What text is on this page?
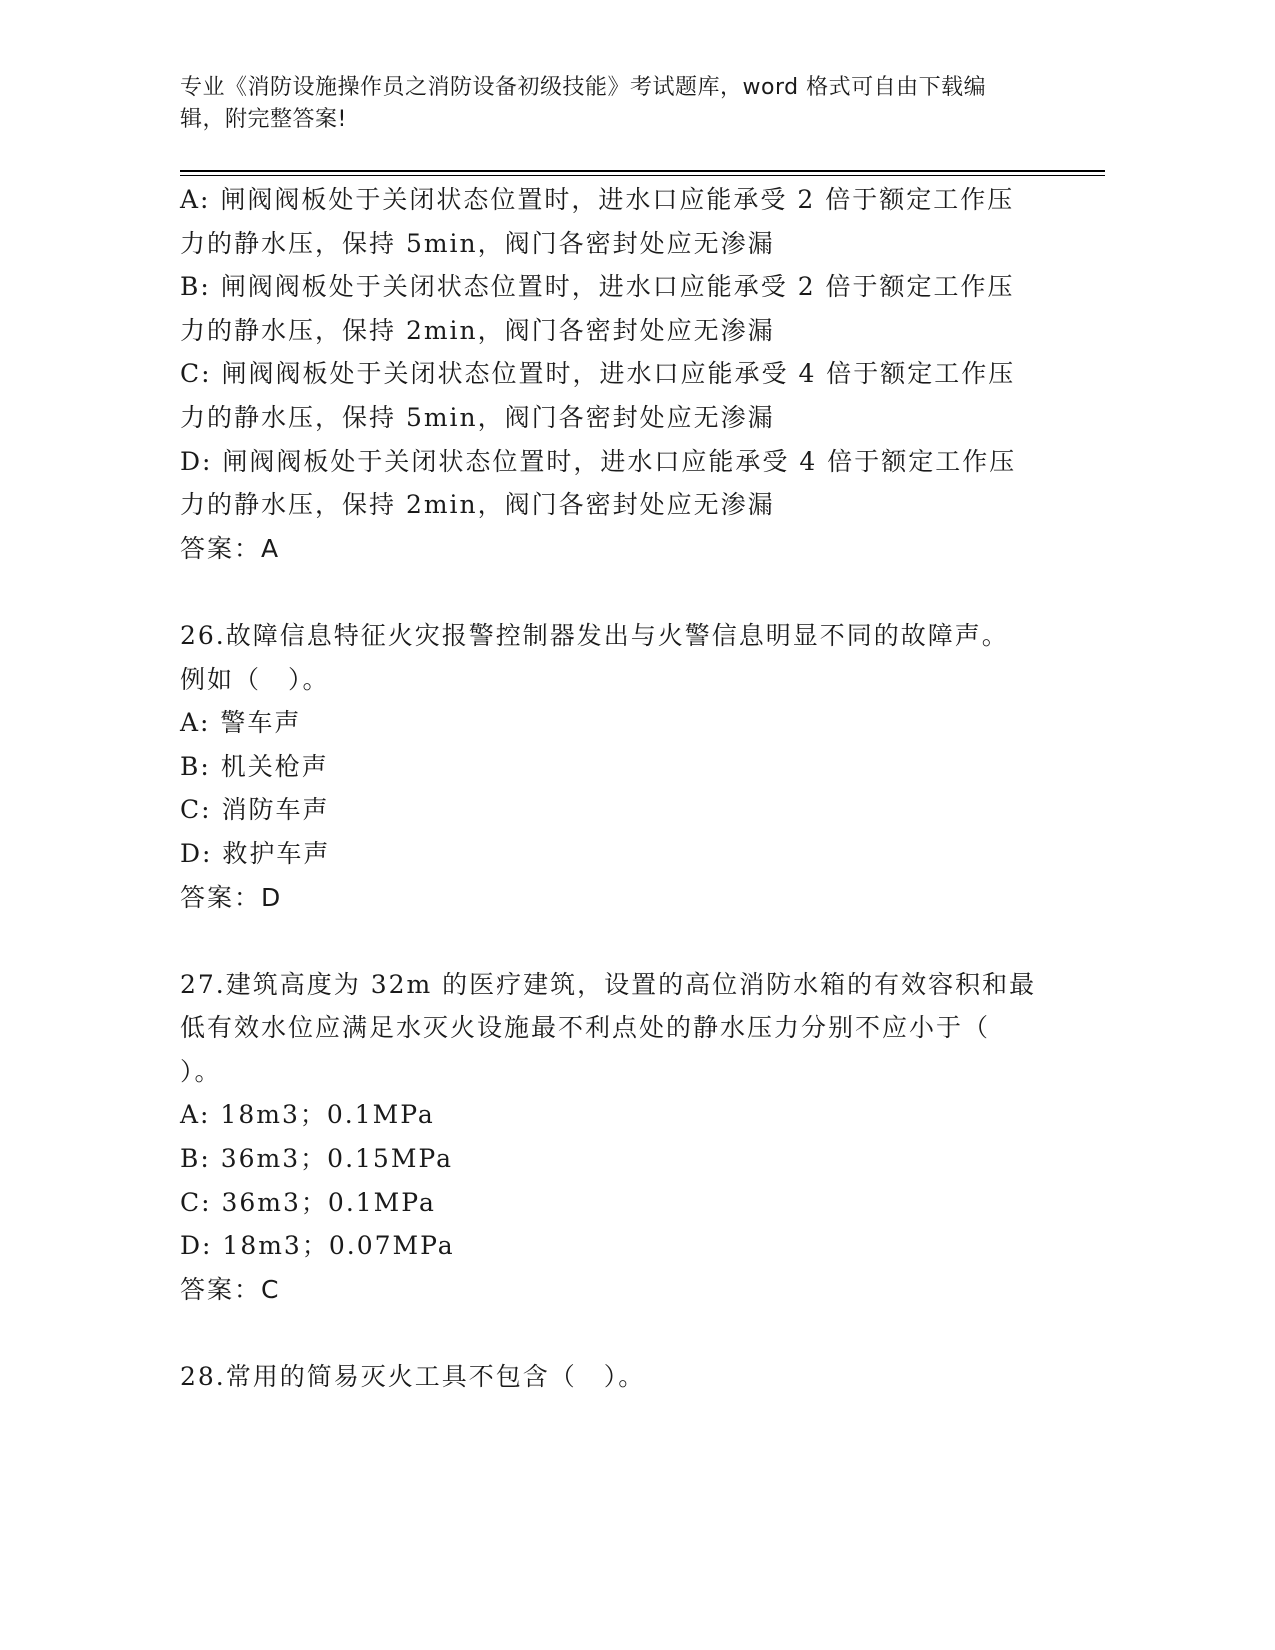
专业《消防设施操作员之消防设备初级技能》考试题库，word 格式可自由下载编
辑，附完整答案!
A: 闸阀阀板处于关闭状态位置时，进水口应能承受 2 倍于额定工作压
力的静水压，保持 5min，阀门各密封处应无渗漏
B: 闸阀阀板处于关闭状态位置时，进水口应能承受 2 倍于额定工作压
力的静水压，保持 2min，阀门各密封处应无渗漏
C: 闸阀阀板处于关闭状态位置时，进水口应能承受 4 倍于额定工作压
力的静水压，保持 5min，阀门各密封处应无渗漏
D: 闸阀阀板处于关闭状态位置时，进水口应能承受 4 倍于额定工作压
力的静水压，保持 2min，阀门各密封处应无渗漏
答案：A
26.故障信息特征火灾报警控制器发出与火警信息明显不同的故障声。
例如（　）。
A: 警车声
B: 机关枪声
C: 消防车声
D: 救护车声
答案：D
27.建筑高度为 32m 的医疗建筑，设置的高位消防水箱的有效容积和最
低有效水位应满足水灭火设施最不利点处的静水压力分别不应小于（
）。
A: 18m3；0.1MPa
B: 36m3；0.15MPa
C: 36m3；0.1MPa
D: 18m3；0.07MPa
答案：C
28.常用的简易灭火工具不包含（　）。
